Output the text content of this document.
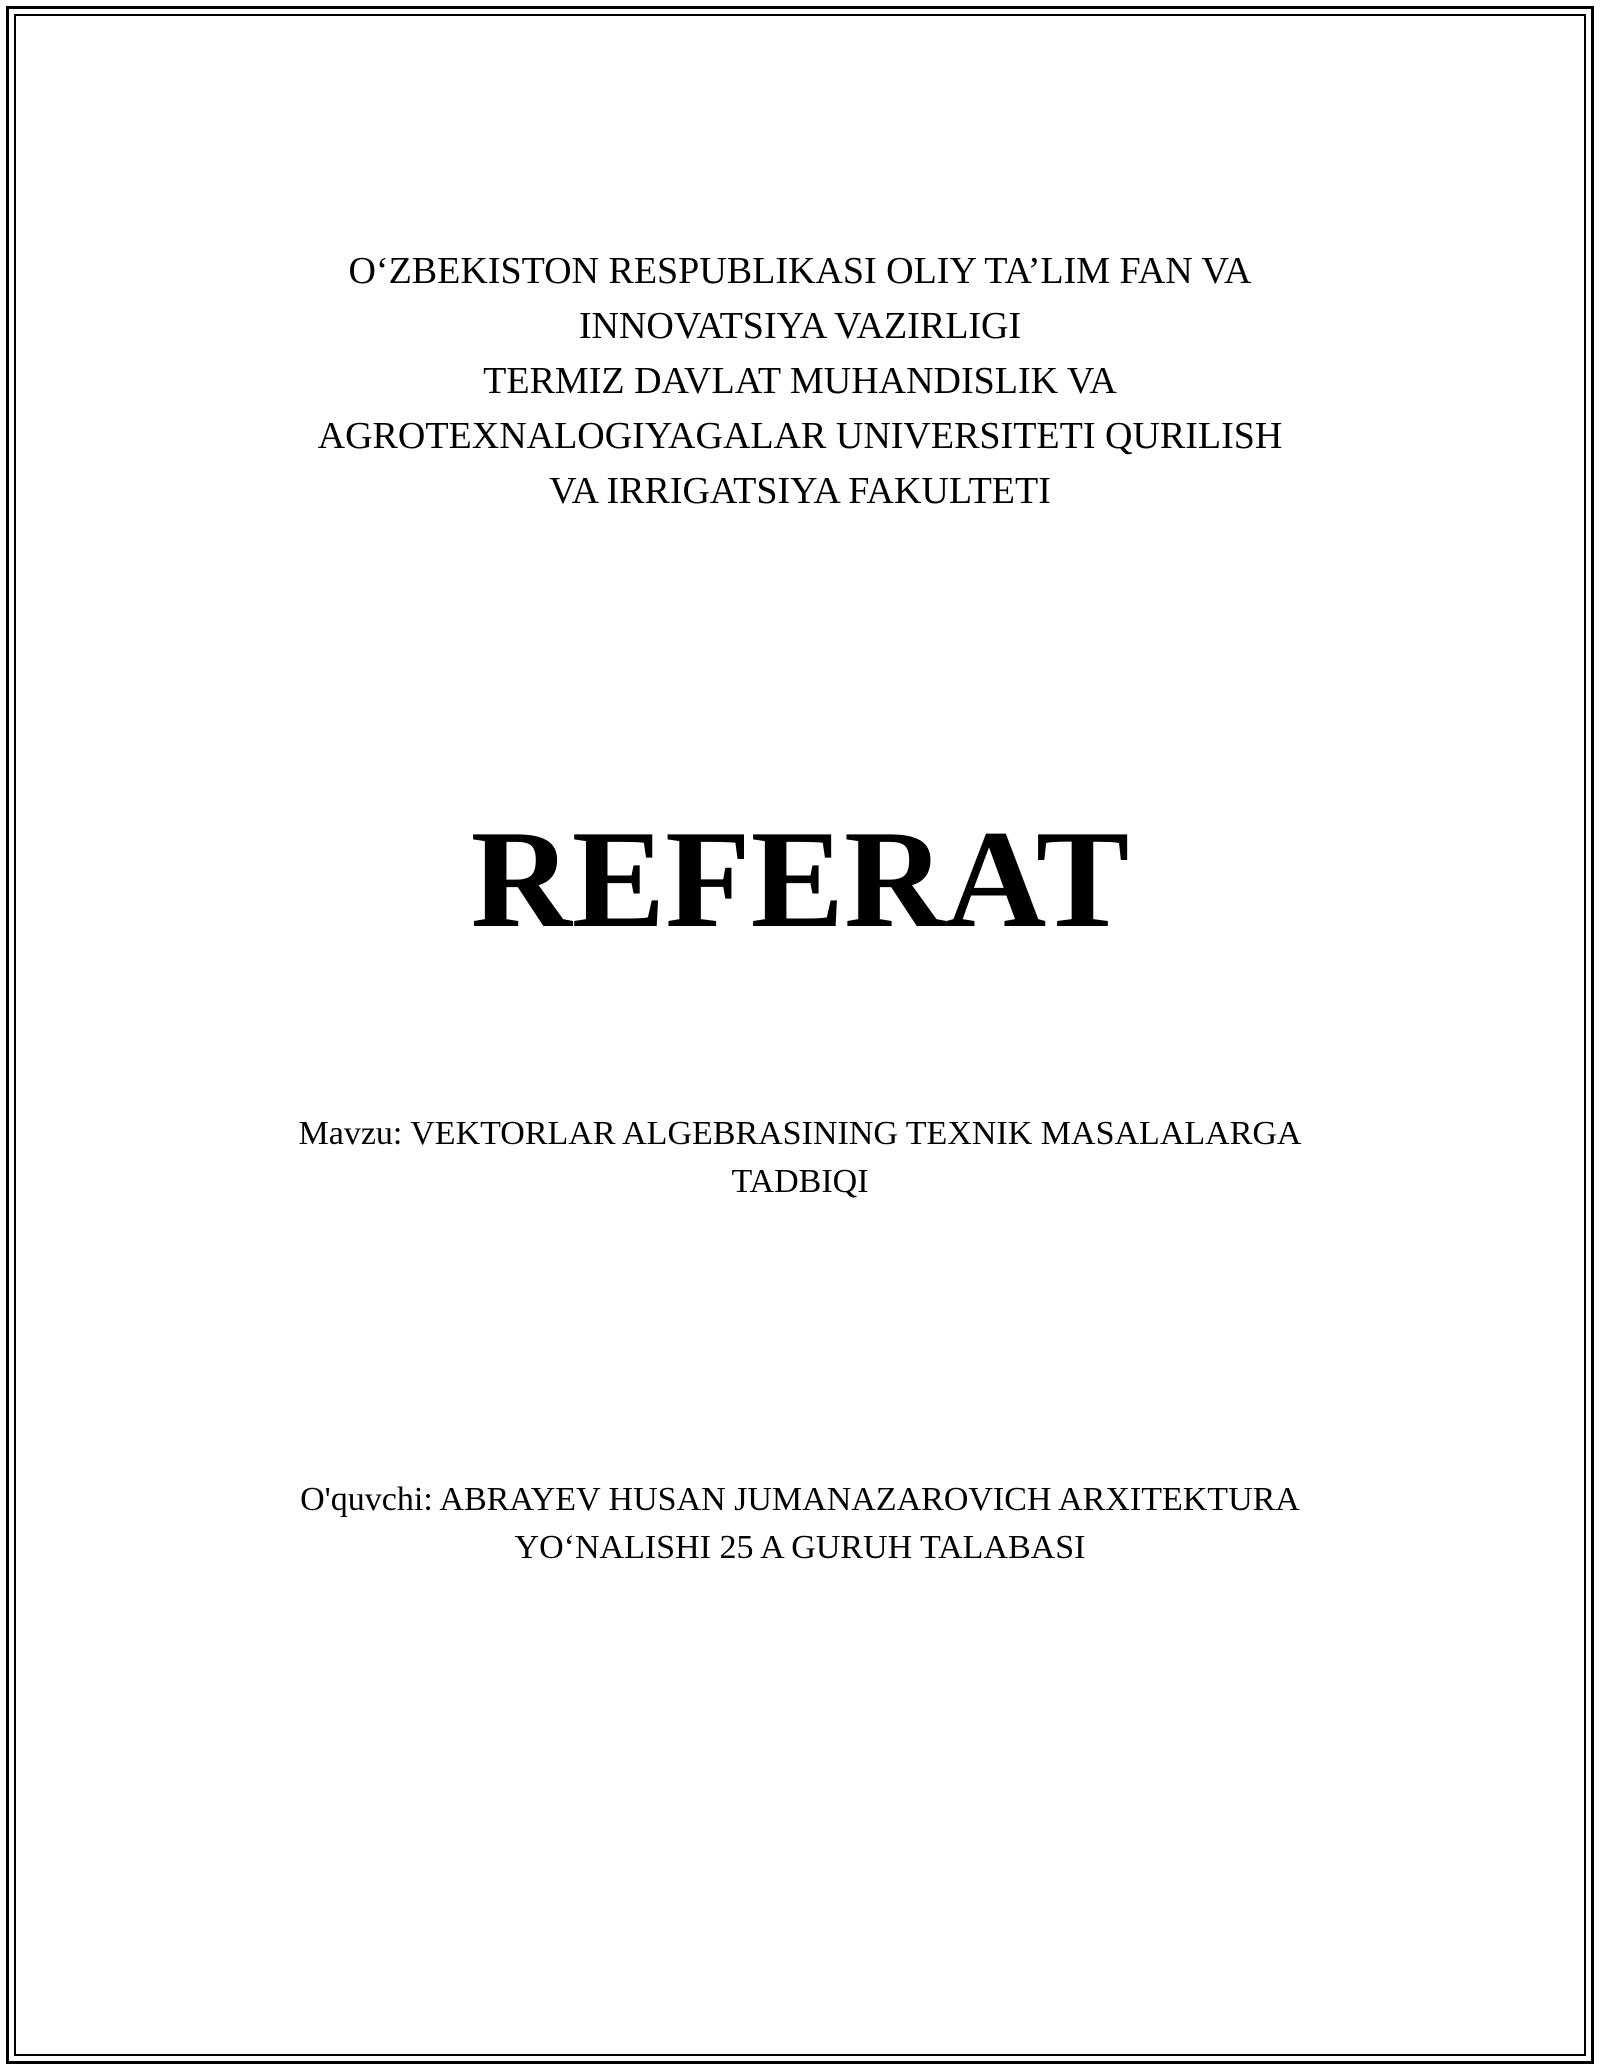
O‘ZBEKISTON RESPUBLIKASI OLIY TA’LIM FAN VA
INNOVATSIYA VAZIRLIGI
TERMIZ DAVLAT MUHANDISLIK VA
AGROTEXNALOGIYAGALAR UNIVERSITETI QURILISH
VA IRRIGATSIYA FAKULTETI
REFERAT
Mavzu: VEKTORLAR ALGEBRASINING TEXNIK MASALALARGA
TADBIQI
O'quvchi: ABRAYEV HUSAN JUMANAZAROVICH ARXITEKTURA
YO‘NALISHI 25 A GURUH TALABASI
